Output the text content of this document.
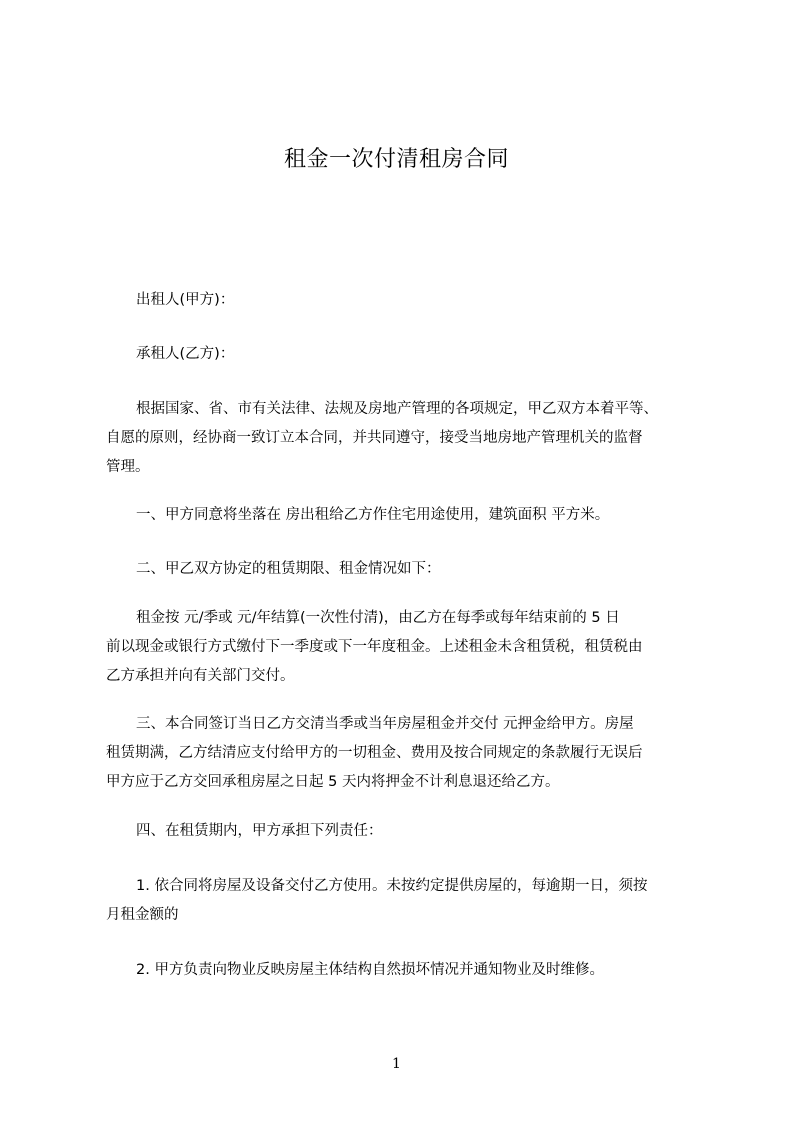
租金一次付清租房合同
出租人(甲方)：
承租人(乙方)：
根据国家、省、市有关法律、法规及房地产管理的各项规定，甲乙双方本着平等、
自愿的原则，经协商一致订立本合同，并共同遵守，接受当地房地产管理机关的监督
管理。
一、甲方同意将坐落在 房出租给乙方作住宅用途使用，建筑面积 平方米。
二、甲乙双方协定的租赁期限、租金情况如下：
租金按 元/季或 元/年结算(一次性付清)，由乙方在每季或每年结束前的 5 日
前以现金或银行方式缴付下一季度或下一年度租金。上述租金未含租赁税，租赁税由
乙方承担并向有关部门交付。
三、本合同签订当日乙方交清当季或当年房屋租金并交付 元押金给甲方。房屋
租赁期满，乙方结清应支付给甲方的一切租金、费用及按合同规定的条款履行无误后
甲方应于乙方交回承租房屋之日起 5 天内将押金不计利息退还给乙方。
四、在租赁期内，甲方承担下列责任：
1. 依合同将房屋及设备交付乙方使用。未按约定提供房屋的，每逾期一日，须按
月租金额的
2. 甲方负责向物业反映房屋主体结构自然损坏情况并通知物业及时维修。
1
